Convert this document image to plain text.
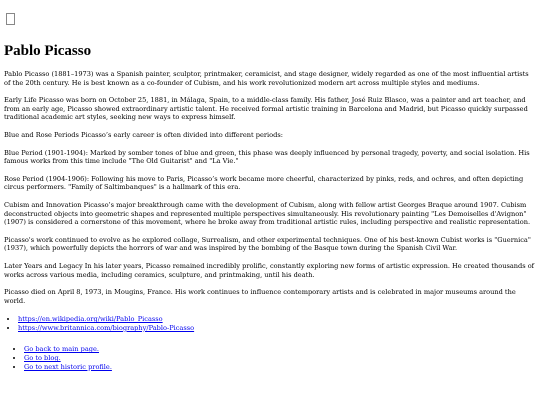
Pablo Picasso

Pablo Picasso (1881–1973) was a Spanish painter, sculptor, printmaker, ceramicist, and stage designer, widely regarded as one of the most influential artists of the 20th century. He is best known as a co-founder of Cubism, and his work revolutionized modern art across multiple styles and mediums.

Early Life Picasso was born on October 25, 1881, in Málaga, Spain, to a middle-class family. His father, José Ruiz Blasco, was a painter and art teacher, and from an early age, Picasso showed extraordinary artistic talent. He received formal artistic training in Barcelona and Madrid, but Picasso quickly surpassed traditional academic art styles, seeking new ways to express himself.

Blue and Rose Periods Picasso’s early career is often divided into different periods:

Blue Period (1901-1904): Marked by somber tones of blue and green, this phase was deeply influenced by personal tragedy, poverty, and social isolation. His famous works from this time include "The Old Guitarist" and "La Vie."

Rose Period (1904-1906): Following his move to Paris, Picasso’s work became more cheerful, characterized by pinks, reds, and ochres, and often depicting circus performers. "Family of Saltimbanques" is a hallmark of this era.

Cubism and Innovation Picasso’s major breakthrough came with the development of Cubism, along with fellow artist Georges Braque around 1907. Cubism deconstructed objects into geometric shapes and represented multiple perspectives simultaneously. His revolutionary painting "Les Demoiselles d'Avignon" (1907) is considered a cornerstone of this movement, where he broke away from traditional artistic rules, including perspective and realistic representation.

Picasso's work continued to evolve as he explored collage, Surrealism, and other experimental techniques. One of his best-known Cubist works is "Guernica" (1937), which powerfully depicts the horrors of war and was inspired by the bombing of the Basque town during the Spanish Civil War.

Later Years and Legacy In his later years, Picasso remained incredibly prolific, constantly exploring new forms of artistic expression. He created thousands of works across various media, including ceramics, sculpture, and printmaking, until his death.

Picasso died on April 8, 1973, in Mougins, France. His work continues to influence contemporary artists and is celebrated in major museums around the world.

• https://en.wikipedia.org/wiki/Pablo_Picasso
• https://www.britannica.com/biography/Pablo-Picasso
• Go back to main page.
• Go to blog.
• Go to next historic profile.
